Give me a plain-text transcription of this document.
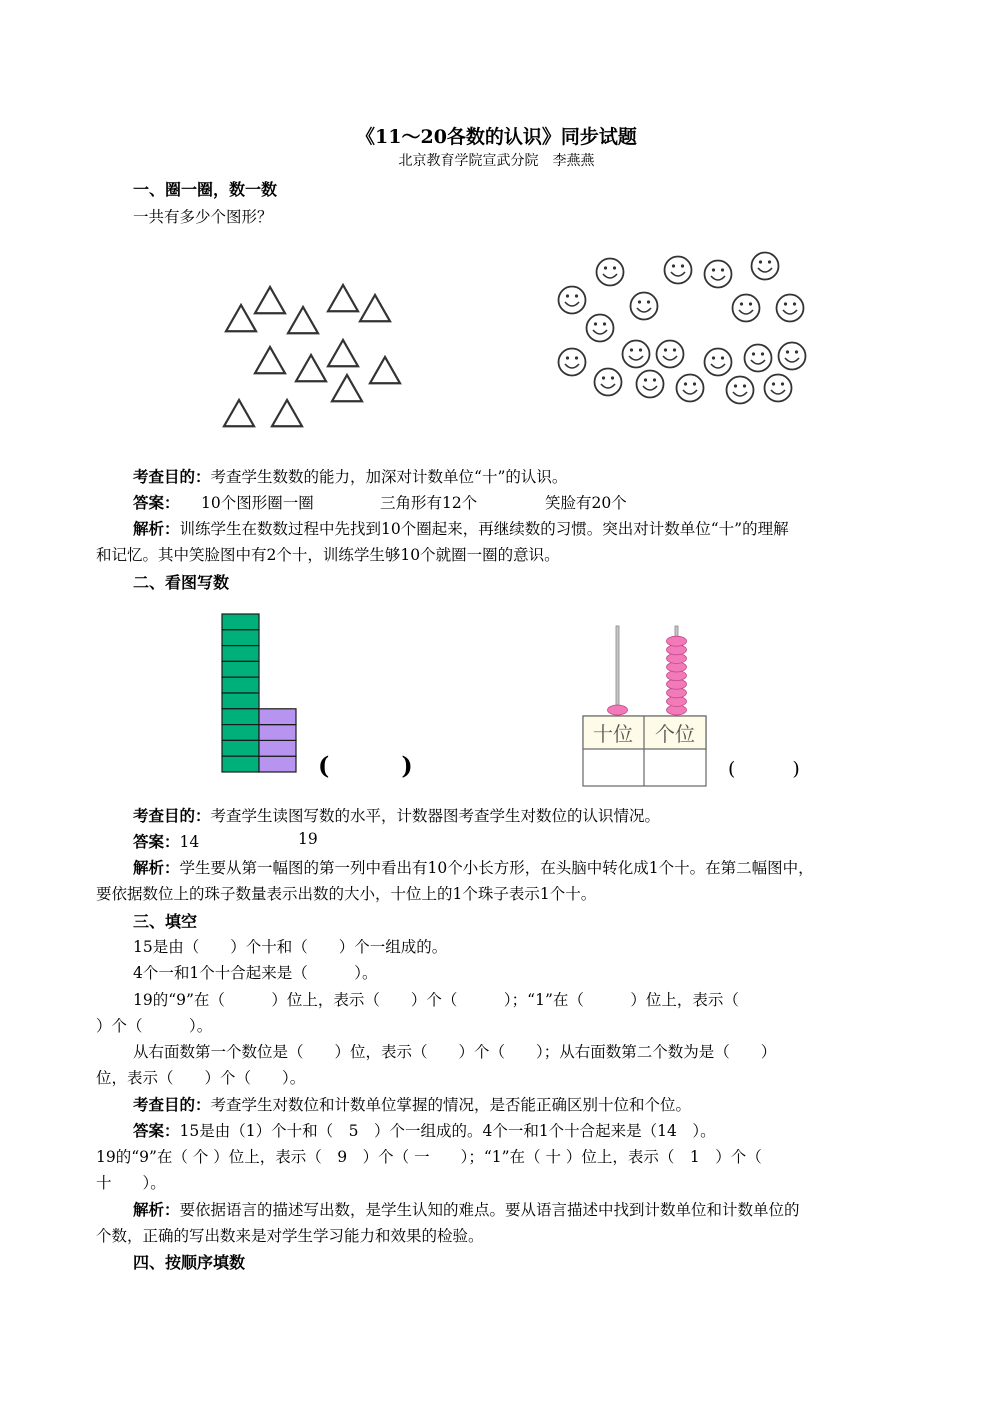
《11～20各数的认识》同步试题
北京教育学院宣武分院　李燕燕
一、圈一圈，数一数
一共有多少个图形？
考查目的：考查学生数数的能力，加深对计数单位“十”的认识。
答案： 10个图形圈一圈	三角形有12个	笑脸有20个
解析：训练学生在数数过程中先找到10个圈起来，再继续数的习惯。突出对计数单位“十”的理解
和记忆。其中笑脸图中有2个十，训练学生够10个就圈一圈的意识。
二、看图写数
(　　　)
十位 个位
(　　　)
考查目的：考查学生读图写数的水平，计数器图考查学生对数位的认识情况。
答案：14	19
解析：学生要从第一幅图的第一列中看出有10个小长方形，在头脑中转化成1个十。在第二幅图中，
要依据数位上的珠子数量表示出数的大小，十位上的1个珠子表示1个十。
三、填空
15是由（　　）个十和（　　）个一组成的。
4个一和1个十合起来是（　　　）。
19的“9”在（　　　）位上，表示（　　）个（　　　）；“1”在（　　　）位上，表示（
）个（　　　）。
从右面数第一个数位是（　　）位，表示（　　）个（　　）；从右面数第二个数为是（　　）
位，表示（　　）个（　　）。
考查目的：考查学生对数位和计数单位掌握的情况，是否能正确区别十位和个位。
答案：15是由（1）个十和（　5　）个一组成的。4个一和1个十合起来是（14　）。
19的“9”在（ 个 ）位上，表示（　9　）个（ 一　　）；“1”在（ 十 ）位上，表示（　1　）个（
十　　）。
解析：要依据语言的描述写出数，是学生认知的难点。要从语言描述中找到计数单位和计数单位的
个数，正确的写出数来是对学生学习能力和效果的检验。
四、按顺序填数
